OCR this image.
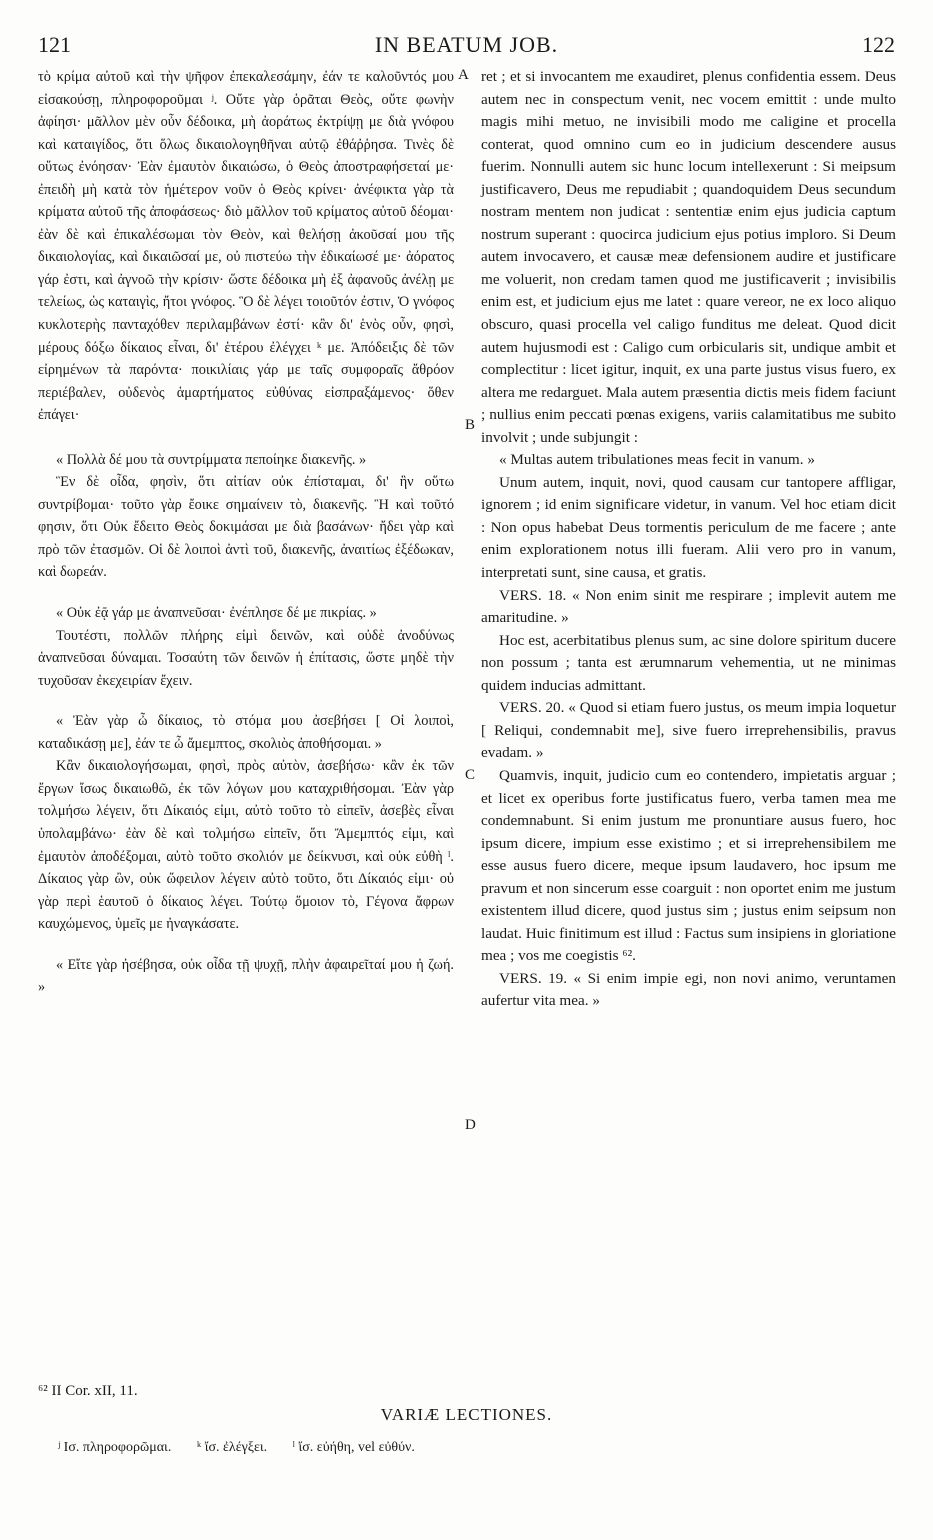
121	IN BEATUM JOB.	122
A
B
C
D

τὸ κρίμα αὐτοῦ καὶ τὴν ψῆφον ἐπεκαλεσάμην, ἐάν τε καλοῦντός μου εἰσακούσῃ, πληροφοροῦμαι ʲ. Οὔτε γὰρ ὁρᾶται Θεὸς, οὔτε φωνὴν ἀφίησι· μᾶλλον μὲν οὖν δέδοικα, μὴ ἀοράτως ἐκτρίψῃ με διὰ γνόφου καὶ καταιγίδος, ὅτι ὅλως δικαιολογηθῆναι αὐτῷ ἐθάῤῥησα. Τινὲς δὲ οὕτως ἐνόησαν· Ἐὰν ἐμαυτὸν δικαιώσω, ὁ Θεὸς ἀποστραφήσεταί με· ἐπειδὴ μὴ κατὰ τὸν ἡμέτερον νοῦν ὁ Θεὸς κρίνει· ἀνέφικτα γὰρ τὰ κρίματα αὐτοῦ τῆς ἀποφάσεως· διὸ μᾶλλον τοῦ κρίματος αὐτοῦ δέομαι· ἐὰν δὲ καὶ ἐπικαλέσωμαι τὸν Θεὸν, καὶ θελήσῃ ἀκοῦσαί μου τῆς δικαιολογίας, καὶ δικαιῶσαί με, οὐ πιστεύω τὴν ἐδικαίωσέ με· ἀόρατος γάρ ἐστι, καὶ ἀγνοῶ τὴν κρίσιν· ὥστε δέδοικα μὴ ἐξ ἀφανοῦς ἀνέλῃ με τελείως, ὡς καταιγὶς, ἤτοι γνόφος. Ὃ δὲ λέγει τοιοῦτόν ἐστιν, Ὁ γνόφος κυκλοτερὴς πανταχόθεν περιλαμβάνων ἐστί· κἂν δι' ἑνὸς οὖν, φησὶ, μέρους δόξω δίκαιος εἶναι, δι' ἑτέρου ἐλέγχει ᵏ με. Ἀπόδειξις δὲ τῶν εἰρημένων τὰ παρόντα· ποικιλίαις γάρ με ταῖς συμφοραῖς ἄθρόον περιέβαλεν, οὐδενὸς ἁμαρτήματος εὐθύνας εἰσπραξάμενος· ὅθεν ἐπάγει·

« Πολλὰ δέ μου τὰ συντρίμματα πεποίηκε διακενῆς. »

Ἓν δὲ οἶδα, φησὶν, ὅτι αἰτίαν οὐκ ἐπίσταμαι, δι' ἣν οὕτω συντρίβομαι· τοῦτο γὰρ ἔοικε σημαίνειν τὸ, διακενῆς. Ἢ καὶ τοῦτό φησιν, ὅτι Οὐκ ἔδειτο Θεὸς δοκιμάσαι με διὰ βασάνων· ἤδει γὰρ καὶ πρὸ τῶν ἐτασμῶν. Οἱ δὲ λοιποὶ ἀντὶ τοῦ, διακενῆς, ἀναιτίως ἐξέδωκαν, καὶ δωρεάν.

« Οὐκ ἐᾷ γάρ με ἀναπνεῦσαι· ἐνέπλησε δέ με πικρίας. »

Τουτέστι, πολλῶν πλήρης εἰμὶ δεινῶν, καὶ οὐδὲ ἀνοδύνως ἀναπνεῦσαι δύναμαι. Τοσαύτη τῶν δεινῶν ἡ ἐπίτασις, ὥστε μηδὲ τὴν τυχοῦσαν ἐκεχειρίαν ἔχειν.

« Ἐὰν γὰρ ὦ δίκαιος, τὸ στόμα μου ἀσεβήσει [ Οἱ λοιποὶ, καταδικάσῃ με], ἐάν τε ὦ ἄμεμπτος, σκολιὸς ἀποθήσομαι. »

Κἂν δικαιολογήσωμαι, φησὶ, πρὸς αὐτὸν, ἀσεβήσω· κἂν ἐκ τῶν ἔργων ἴσως δικαιωθῶ, ἐκ τῶν λόγων μου καταχριθήσομαι. Ἐὰν γὰρ τολμήσω λέγειν, ὅτι Δίκαιός εἰμι, αὐτὸ τοῦτο τὸ εἰπεῖν, ἀσεβὲς εἶναι ὑπολαμβάνω· ἐὰν δὲ καὶ τολμήσω εἰπεῖν, ὅτι Ἄμεμπτός εἰμι, καὶ ἐμαυτὸν ἀποδέξομαι, αὐτὸ τοῦτο σκολιόν με δείκνυσι, καὶ οὐκ εὐθὴ ˡ. Δίκαιος γὰρ ὢν, οὐκ ὤφειλον λέγειν αὐτὸ τοῦτο, ὅτι Δίκαιός εἰμι· οὐ γὰρ περὶ ἑαυτοῦ ὁ δίκαιος λέγει. Τούτῳ ὅμοιον τὸ, Γέγονα ἄφρων καυχώμενος, ὑμεῖς με ἠναγκάσατε.

« Εἴτε γὰρ ἠσέβησα, οὐκ οἶδα τῇ ψυχῇ, πλὴν ἀφαιρεῖταί μου ἡ ζωή. »

ret ; et si invocantem me exaudiret, plenus confidentia essem. Deus autem nec in conspectum venit, nec vocem emittit : unde multo magis mihi metuo, ne invisibili modo me caligine et procella conterat, quod omnino cum eo in judicium descendere ausus fuerim. Nonnulli autem sic hunc locum intellexerunt : Si meipsum justificavero, Deus me repudiabit ; quandoquidem Deus secundum nostram mentem non judicat : sententiæ enim ejus judicia captum nostrum superant : quocirca judicium ejus potius imploro. Si Deum autem invocavero, et causæ meæ defensionem audire et justificare me voluerit, non credam tamen quod me justificaverit ; invisibilis enim est, et judicium ejus me latet : quare vereor, ne ex loco aliquo obscuro, quasi procella vel caligo funditus me deleat. Quod dicit autem hujusmodi est : Caligo cum orbicularis sit, undique ambit et complectitur : licet igitur, inquit, ex una parte justus visus fuero, ex altera me redarguet. Mala autem præsentia dictis meis fidem faciunt ; nullius enim peccati pœnas exigens, variis calamitatibus me subito involvit ; unde subjungit :

« Multas autem tribulationes meas fecit in vanum. »

Unum autem, inquit, novi, quod causam cur tantopere affligar, ignorem ; id enim significare videtur, in vanum. Vel hoc etiam dicit : Non opus habebat Deus tormentis periculum de me facere ; ante enim explorationem notus illi fueram. Alii vero pro in vanum, interpretati sunt, sine causa, et gratis.

VERS. 18. « Non enim sinit me respirare ; implevit autem me amaritudine. »

Hoc est, acerbitatibus plenus sum, ac sine dolore spiritum ducere non possum ; tanta est ærumnarum vehementia, ut ne minimas quidem inducias admittant.

VERS. 20. « Quod si etiam fuero justus, os meum impia loquetur [ Reliqui, condemnabit me], sive fuero irreprehensibilis, pravus evadam. »

Quamvis, inquit, judicio cum eo contendero, impietatis arguar ; et licet ex operibus forte justificatus fuero, verba tamen mea me condemnabunt. Si enim justum me pronuntiare ausus fuero, hoc ipsum dicere, impium esse existimo ; et si irreprehensibilem me esse ausus fuero dicere, meque ipsum laudavero, hoc ipsum me pravum et non sincerum esse coarguit : non oportet enim me justum existentem illud dicere, quod justus sim ; justus enim seipsum non laudat. Huic finitimum est illud : Factus sum insipiens in gloriatione mea ; vos me coegistis ⁶².

VERS. 19. « Si enim impie egi, non novi animo, veruntamen aufertur vita mea. »

⁶² II Cor. xII, 11.
VARIÆ LECTIONES.
ʲ Ισ. πληροφορῶμαι. ᵏ ἴσ. ἐλέγξει. ˡ ἴσ. εὐήθη, vel εὐθύν.
